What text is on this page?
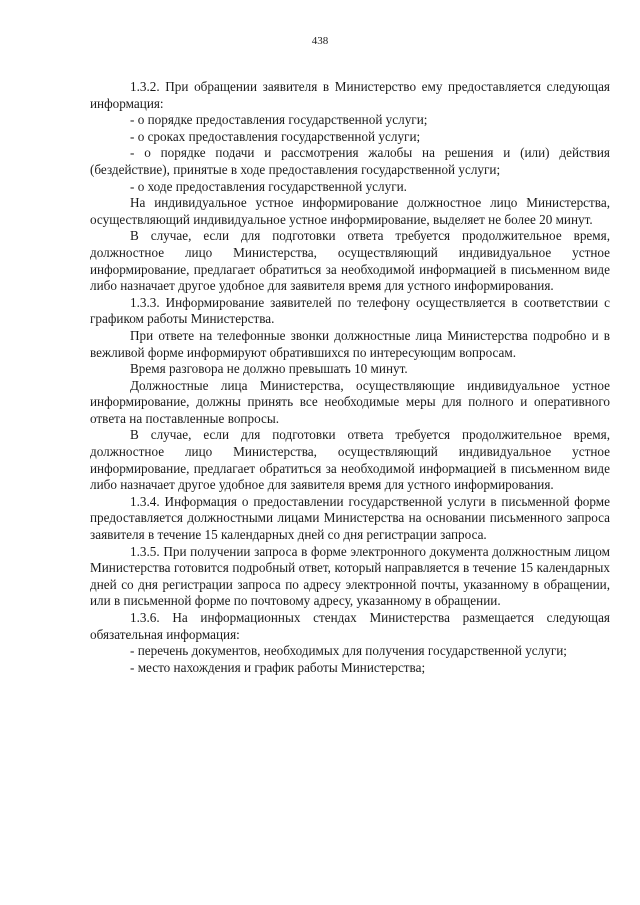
438

1.3.2. При обращении заявителя в Министерство ему предоставляется следующая информация:

- о порядке предоставления государственной услуги;

- о сроках предоставления государственной услуги;

- о порядке подачи и рассмотрения жалобы на решения и (или) действия (бездействие), принятые в ходе предоставления государственной услуги;

- о ходе предоставления государственной услуги.

На индивидуальное устное информирование должностное лицо Министерства, осуществляющий индивидуальное устное информирование, выделяет не более 20 минут.

В случае, если для подготовки ответа требуется продолжительное время, должностное лицо Министерства, осуществляющий индивидуальное устное информирование, предлагает обратиться за необходимой информацией в письменном виде либо назначает другое удобное для заявителя время для устного информирования.

1.3.3. Информирование заявителей по телефону осуществляется в соответствии с графиком работы Министерства.

При ответе на телефонные звонки должностные лица Министерства подробно и в вежливой форме информируют обратившихся по интересующим вопросам.

Время разговора не должно превышать 10 минут.

Должностные лица Министерства, осуществляющие индивидуальное устное информирование, должны принять все необходимые меры для полного и оперативного ответа на поставленные вопросы.

В случае, если для подготовки ответа требуется продолжительное время, должностное лицо Министерства, осуществляющий индивидуальное устное информирование, предлагает обратиться за необходимой информацией в письменном виде либо назначает другое удобное для заявителя время для устного информирования.

1.3.4. Информация о предоставлении государственной услуги в письменной форме предоставляется должностными лицами Министерства на основании письменного запроса заявителя в течение 15 календарных дней со дня регистрации запроса.

1.3.5. При получении запроса в форме электронного документа должностным лицом Министерства готовится подробный ответ, который направляется в течение 15 календарных дней со дня регистрации запроса по адресу электронной почты, указанному в обращении, или в письменной форме по почтовому адресу, указанному в обращении.

1.3.6. На информационных стендах Министерства размещается следующая обязательная информация:

- перечень документов, необходимых для получения государственной услуги;

- место нахождения и график работы Министерства;
